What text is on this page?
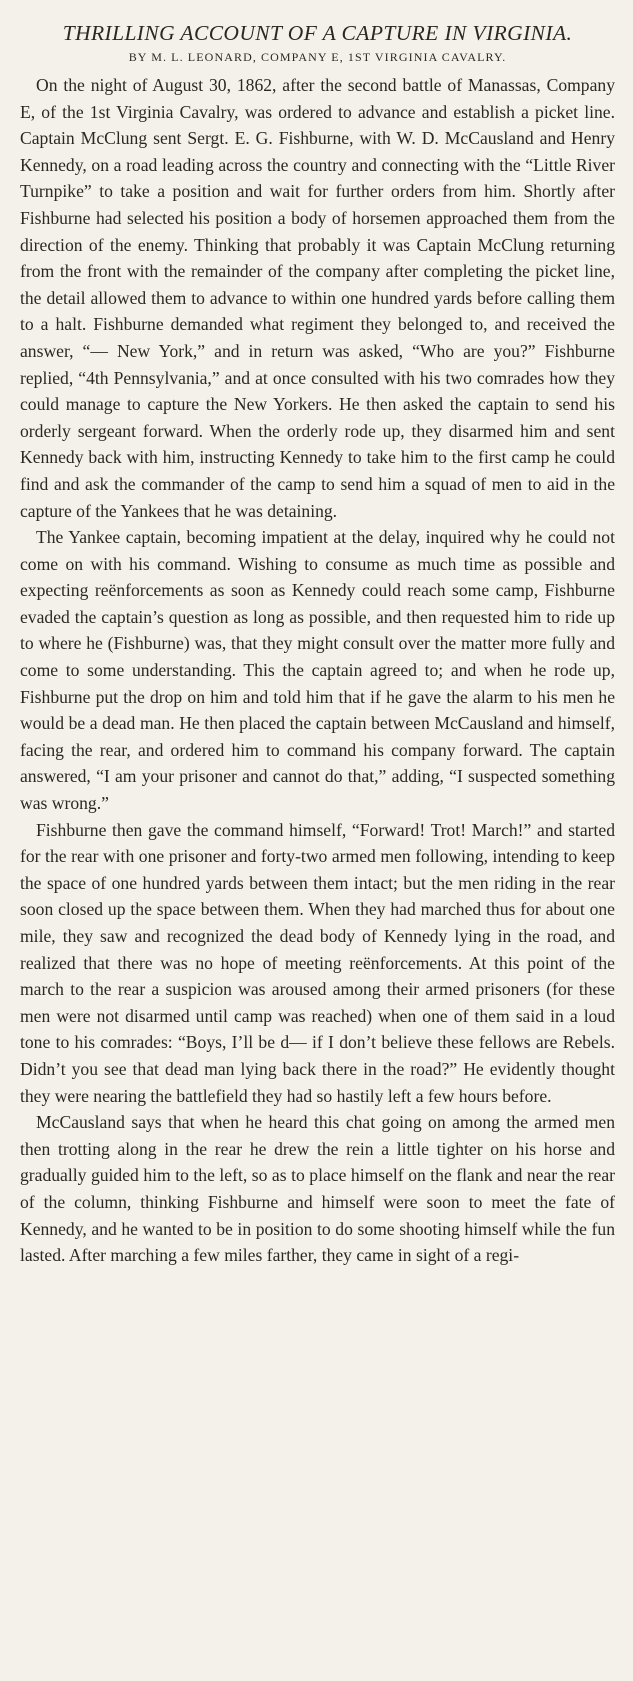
THRILLING ACCOUNT OF A CAPTURE IN VIRGINIA.
BY M. L. LEONARD, COMPANY E, 1ST VIRGINIA CAVALRY.

On the night of August 30, 1862, after the second battle of Manassas, Company E, of the 1st Virginia Cavalry, was ordered to advance and establish a picket line. Captain McClung sent Sergt. E. G. Fishburne, with W. D. McCausland and Henry Kennedy, on a road leading across the country and connecting with the “Little River Turnpike” to take a position and wait for further orders from him. Shortly after Fishburne had selected his position a body of horsemen approached them from the direction of the enemy. Thinking that probably it was Captain McClung returning from the front with the remainder of the company after completing the picket line, the detail allowed them to advance to within one hundred yards before calling them to a halt. Fishburne demanded what regiment they belonged to, and received the answer, “— New York,” and in return was asked, “Who are you?” Fishburne replied, “4th Pennsylvania,” and at once consulted with his two comrades how they could manage to capture the New Yorkers. He then asked the captain to send his orderly sergeant forward. When the orderly rode up, they disarmed him and sent Kennedy back with him, instructing Kennedy to take him to the first camp he could find and ask the commander of the camp to send him a squad of men to aid in the capture of the Yankees that he was detaining.

The Yankee captain, becoming impatient at the delay, inquired why he could not come on with his command. Wishing to consume as much time as possible and expecting reënforcements as soon as Kennedy could reach some camp, Fishburne evaded the captain’s question as long as possible, and then requested him to ride up to where he (Fishburne) was, that they might consult over the matter more fully and come to some understanding. This the captain agreed to; and when he rode up, Fishburne put the drop on him and told him that if he gave the alarm to his men he would be a dead man. He then placed the captain between McCausland and himself, facing the rear, and ordered him to command his company forward. The captain answered, “I am your prisoner and cannot do that,” adding, “I suspected something was wrong.”

Fishburne then gave the command himself, “Forward! Trot! March!” and started for the rear with one prisoner and forty-two armed men following, intending to keep the space of one hundred yards between them intact; but the men riding in the rear soon closed up the space between them. When they had marched thus for about one mile, they saw and recognized the dead body of Kennedy lying in the road, and realized that there was no hope of meeting reënforcements. At this point of the march to the rear a suspicion was aroused among their armed prisoners (for these men were not disarmed until camp was reached) when one of them said in a loud tone to his comrades: “Boys, I’ll be d— if I don’t believe these fellows are Rebels. Didn’t you see that dead man lying back there in the road?” He evidently thought they were nearing the battlefield they had so hastily left a few hours before.

McCausland says that when he heard this chat going on among the armed men then trotting along in the rear he drew the rein a little tighter on his horse and gradually guided him to the left, so as to place himself on the flank and near the rear of the column, thinking Fishburne and himself were soon to meet the fate of Kennedy, and he wanted to be in position to do some shooting himself while the fun lasted. After marching a few miles farther, they came in sight of a regi-
